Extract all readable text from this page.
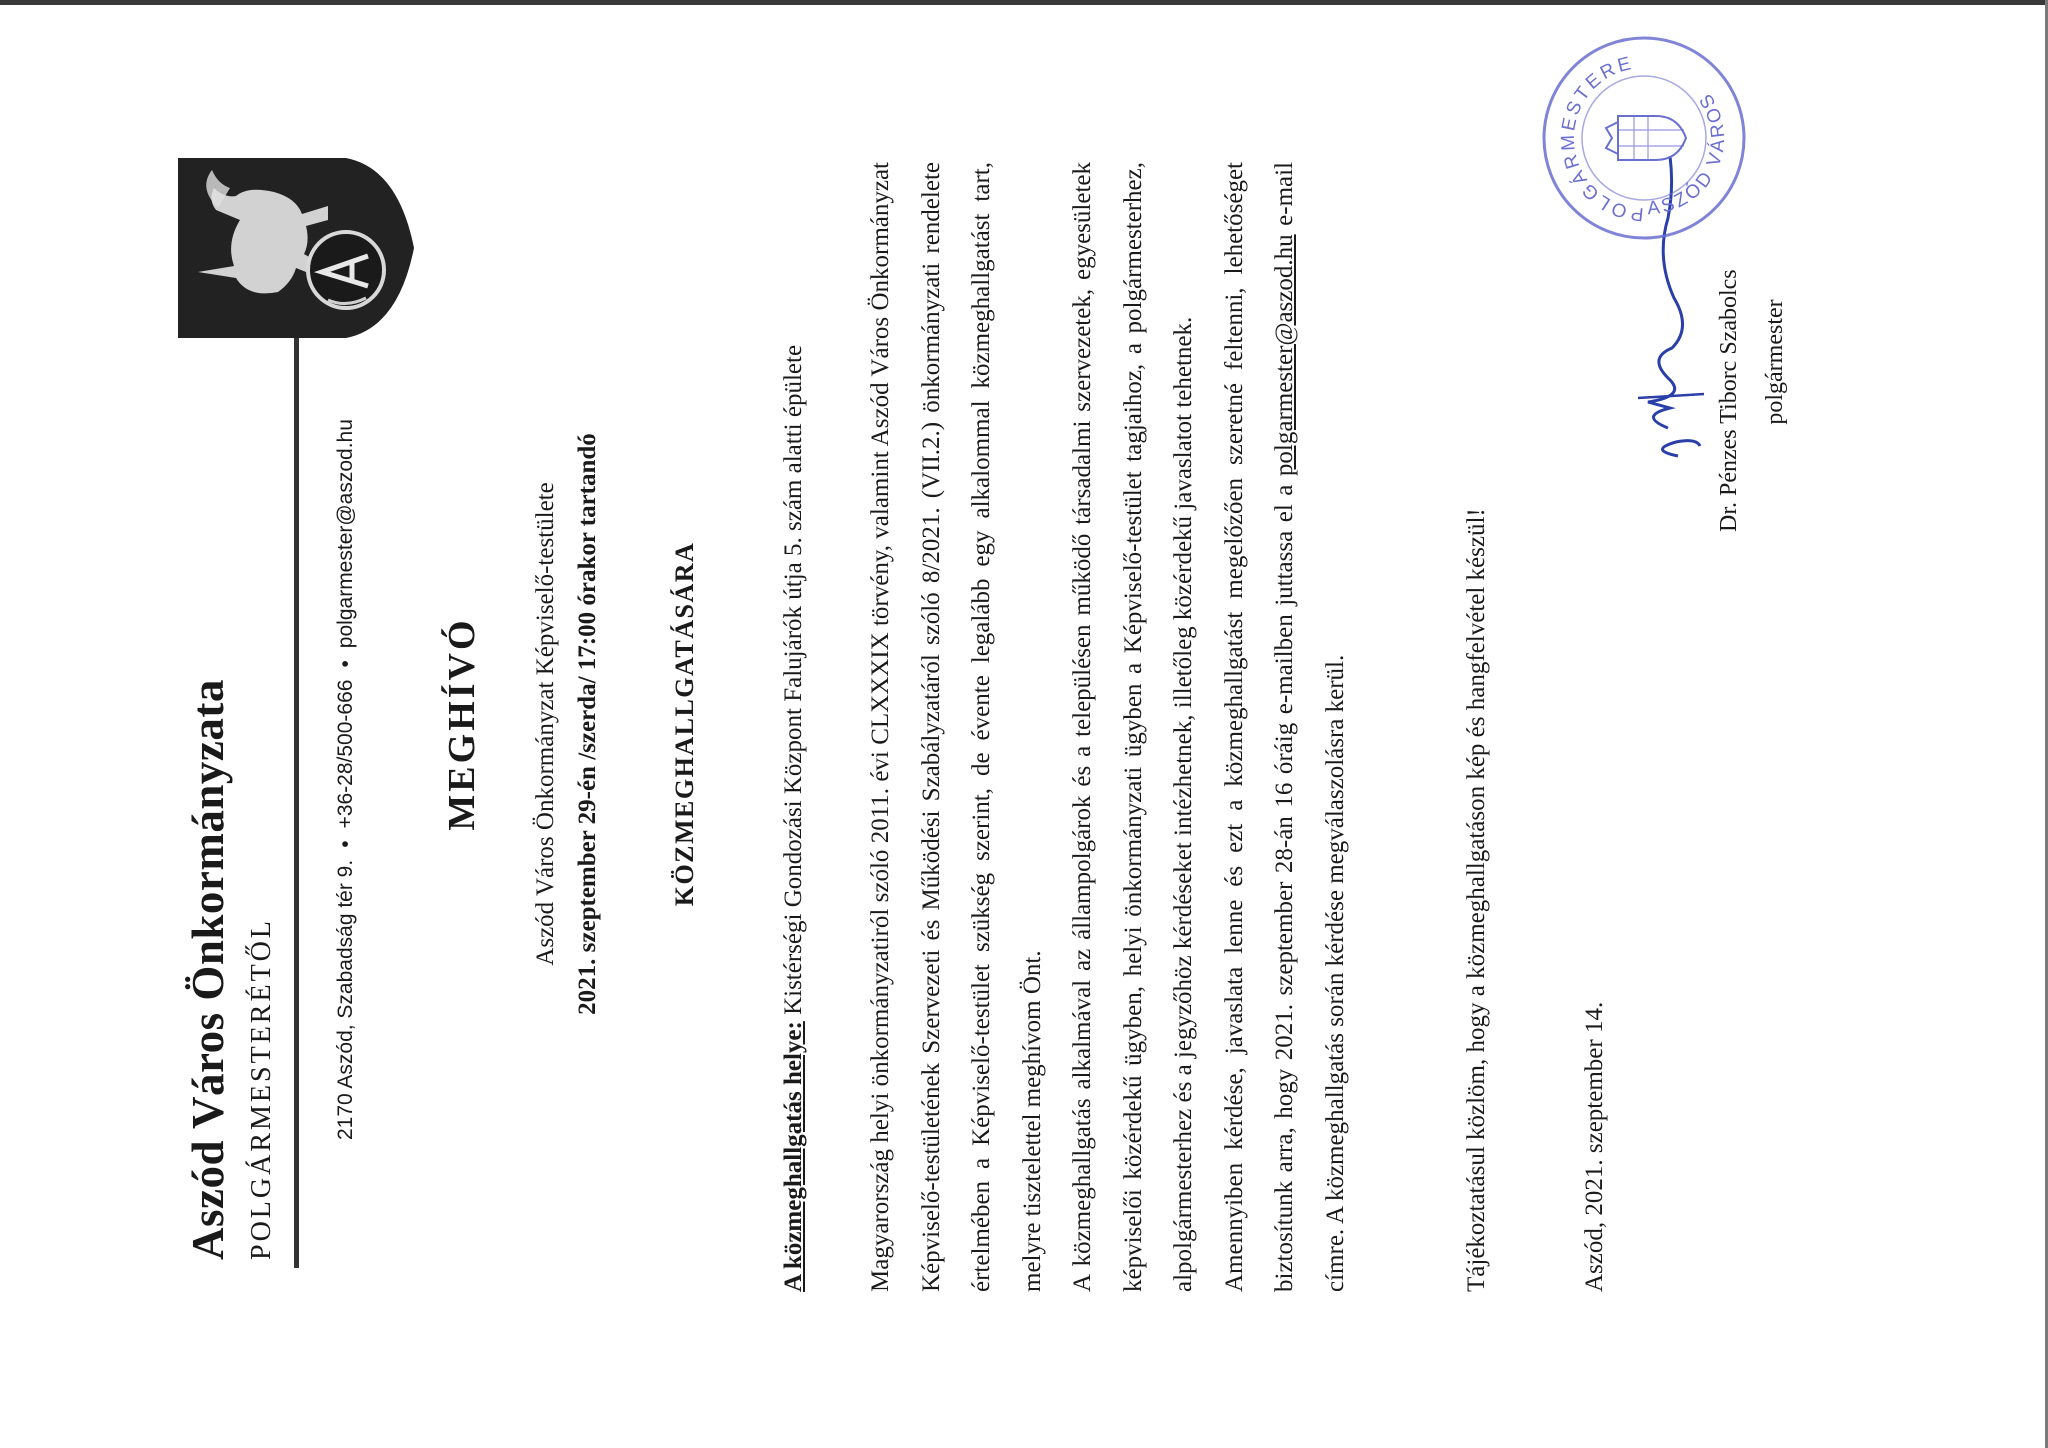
Aszód Város Önkormányzata POLGÁRMESTERÉTŐL	2170 Aszód, Szabadság tér 9.•+36-28/500-666•polgarmester@aszod.hu
MEGHÍVÓ Aszód Város Önkormányzat Képviselő-testülete 2021. szeptember 29-én /szerda/ 17:00 órakor tartandó	KÖZMEGHALLGATÁSÁRA
A közmeghallgatás helye: Kistérségi Gondozási Központ Falujárók útja 5. szám alatti épülete	Magyarország helyi önkormányzatiról szóló 2011. évi CLXXXIX törvény, valamint Aszód Város Önkormányzat Képviselő-testületének Szervezeti és Működési Szabályzatáról szóló 8/2021. (VII.2.) önkormányzati rendelete értelmében a Képviselő-testület szükség szerint, de évente legalább egy alkalommal közmeghallgatást tart, melyre tisztelettel meghívom Önt. A közmeghallgatás alkalmával az állampolgárok és a településen működő társadalmi szervezetek, egyesületek képviselői közérdekű ügyben, helyi önkormányzati ügyben a Képviselő-testület tagjaihoz, a polgármesterhez, alpolgármesterhez és a jegyzőhöz kérdéseket intézhetnek, illetőleg közérdekű javaslatot tehetnek. Amennyiben kérdése, javaslata lenne és ezt a közmeghallgatást megelőzően szeretné feltenni, lehetőséget biztosítunk arra, hogy 2021. szeptember 28-án 16 óráig e-mailben juttassa el a polgarmester@aszod.hu e-mail címre. A közmeghallgatás során kérdése megválaszolásra kerül.	Tájékoztatásul közlöm, hogy a közmeghallgatáson kép és hangfelvétel készül!	Aszód, 2021. szeptember 14.
Dr. Pénzes Tiborc Szabolcs polgármester
POLGÁRMESTERE
ASZÓD VÁROS
